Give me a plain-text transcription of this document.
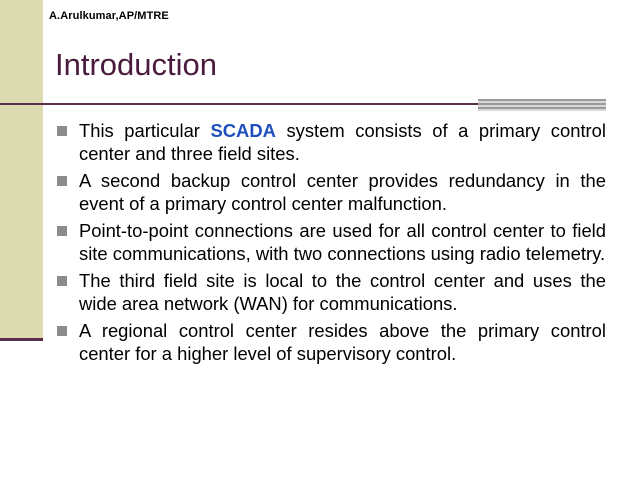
A.Arulkumar,AP/MTRE
Introduction
This particular SCADA system consists of a primary control center and three field sites.
A second backup control center provides redundancy in the event of a primary control center malfunction.
Point-to-point connections are used for all control center to field site communications, with two connections using radio telemetry.
The third field site is local to the control center and uses the wide area network (WAN) for communications.
A regional control center resides above the primary control center for a higher level of supervisory control.
